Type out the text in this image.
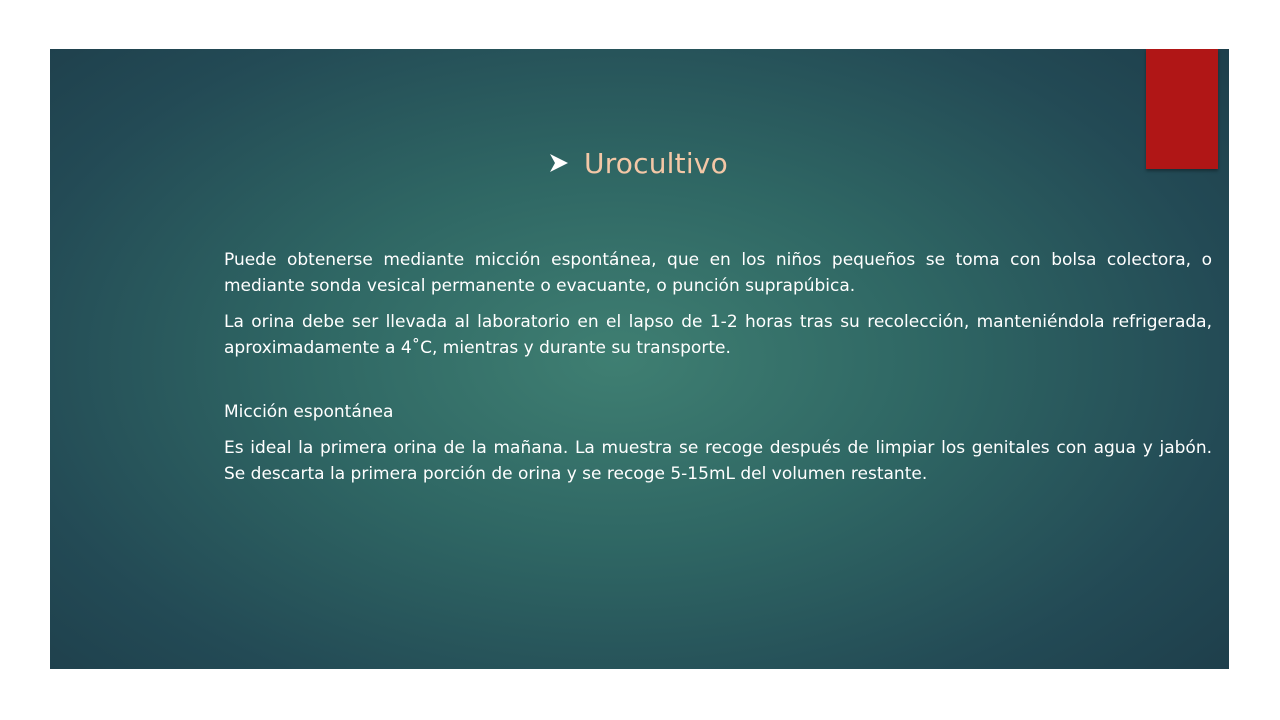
Urocultivo

Puede obtenerse mediante micción espontánea, que en los niños pequeños se toma con bolsa colectora, o mediante sonda vesical permanente o evacuante, o punción suprapúbica.

La orina debe ser llevada al laboratorio en el lapso de 1-2 horas tras su recolección, manteniéndola refrigerada, aproximadamente a 4˚C, mientras y durante su transporte.

Micción espontánea

Es ideal la primera orina de la mañana. La muestra se recoge después de limpiar los genitales con agua y jabón. Se descarta la primera porción de orina y se recoge 5-15mL del volumen restante.
